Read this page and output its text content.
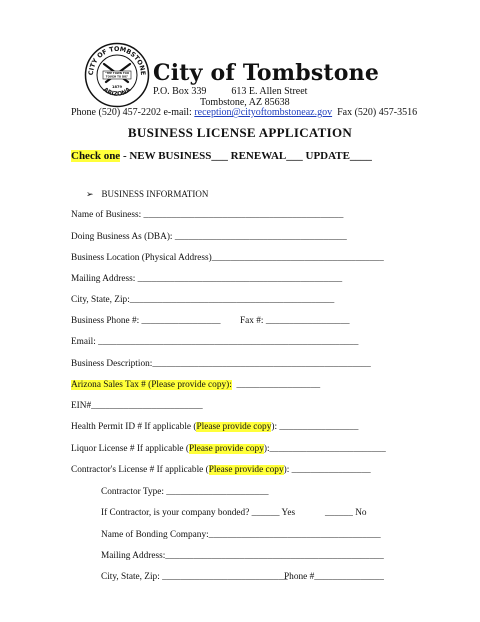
CITY OF TOMBSTONE
ARIZONA
"THE TOWN TOO
TOUGH TO DIE"
1879
City of Tombstone
P.O. Box 339          613 E. Allen Street
Tombstone, AZ 85638
Phone (520) 457-2202 e-mail: reception@cityoftombstoneaz.gov  Fax (520) 457-3516
BUSINESS LICENSE APPLICATION
Check one - NEW BUSINESS___ RENEWAL___ UPDATE____
➢ BUSINESS INFORMATION
Name of Business: ___________________________________________
Doing Business As (DBA): _____________________________________
Business Location (Physical Address)_____________________________________
Mailing Address: ____________________________________________
City, State, Zip:____________________________________________
Business Phone #: _________________ Fax #: __________________
Email: ________________________________________________________
Business Description:_______________________________________________
Arizona Sales Tax # (Please provide copy):  __________________
EIN#________________________
Health Permit ID # If applicable (Please provide copy): _________________
Liquor License # If applicable (Please provide copy):_________________________
Contractor's License # If applicable (Please provide copy): _________________
Contractor Type: ______________________
If Contractor, is your company bonded? ______ Yes	______ No
Name of Bonding Company:_____________________________________
Mailing Address:_______________________________________________
City, State, Zip: ___________________________
Phone #_______________
